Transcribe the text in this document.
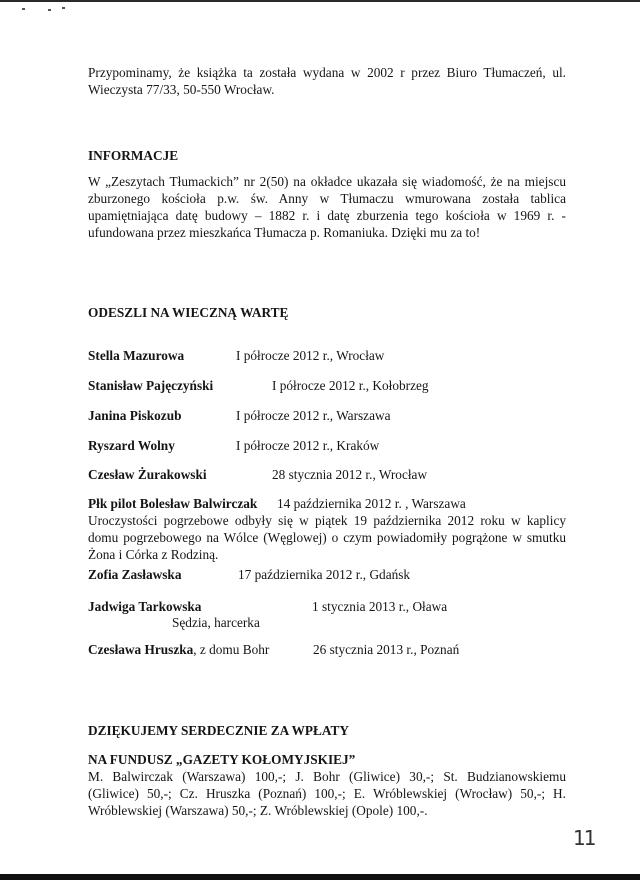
Przypominamy, że książka ta została wydana w 2002 r przez Biuro Tłumaczeń, ul. Wieczysta 77/33, 50-550 Wrocław.
INFORMACJE
W „Zeszytach Tłumackich” nr 2(50) na okładce ukazała się wiadomość, że na miejscu zburzonego kościoła p.w. św. Anny w Tłumaczu wmurowana została tablica upamiętniająca datę budowy – 1882 r. i datę zburzenia tego kościoła w 1969 r. - ufundowana przez mieszkańca Tłumacza p. Romaniuka. Dzięki mu za to!
ODESZLI NA WIECZNĄ WARTĘ
Stella Mazurowa	I półrocze 2012 r., Wrocław
Stanisław Pajęczyński	I półrocze 2012 r., Kołobrzeg
Janina Piskozub	I półrocze 2012 r., Warszawa
Ryszard Wolny	I półrocze 2012 r., Kraków
Czesław Żurakowski	28 stycznia 2012 r., Wrocław
Płk pilot Bolesław Balwirczak 14 października 2012 r. , Warszawa
Uroczystości pogrzebowe odbyły się w piątek 19 października 2012 roku w kaplicy domu pogrzebowego na Wólce (Węglowej) o czym powiadomiły pogrążone w smutku Żona i Córka z Rodziną.
Zofia Zasławska	17 października 2012 r., Gdańsk
Jadwiga Tarkowska	1 stycznia 2013 r., Oława
Sędzia, harcerka
Czesława Hruszka, z domu Bohr	26 stycznia 2013 r., Poznań
DZIĘKUJEMY SERDECZNIE ZA WPŁATY
NA FUNDUSZ „GAZETY KOŁOMYJSKIEJ”
M. Balwirczak (Warszawa) 100,-; J. Bohr (Gliwice) 30,-; St. Budzianowskiemu (Gliwice) 50,-; Cz. Hruszka (Poznań) 100,-; E. Wróblewskiej (Wrocław) 50,-; H. Wróblewskiej (Warszawa) 50,-; Z. Wróblewskiej (Opole) 100,-.
11
